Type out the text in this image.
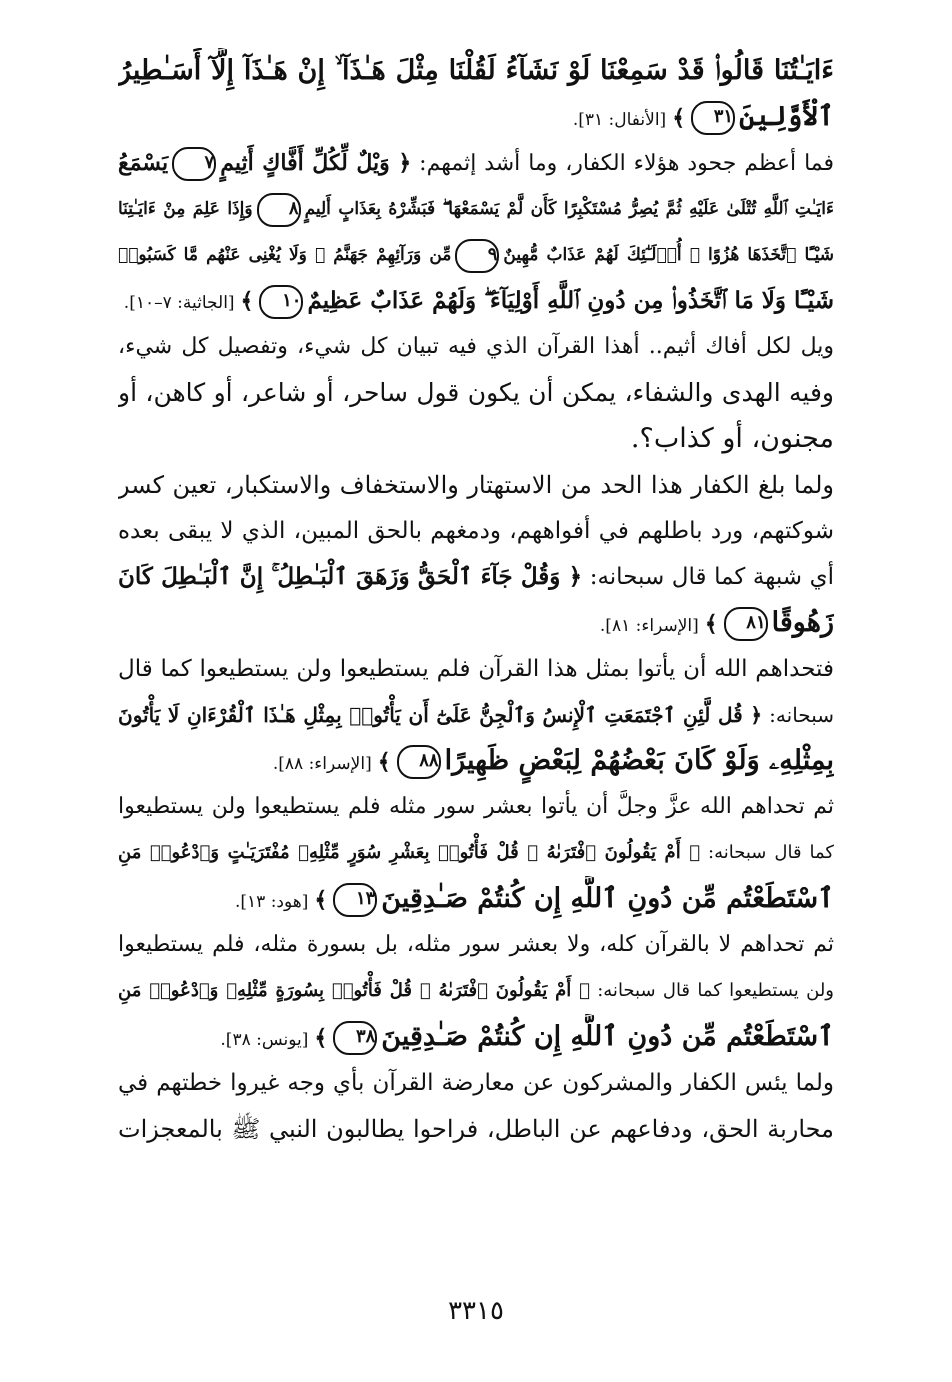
ءَايَـٰتُنَا قَالُوا۟ قَدْ سَمِعْنَا لَوْ نَشَآءُ لَقُلْنَا مِثْلَ هَـٰذَآ ۙ إِنْ هَـٰذَآ إِلَّآ أَسَـٰطِيرُ
ٱلْأَوَّلِينَ٣١﴾[الأنفال: ٣١].
فما أعظم جحود هؤلاء الكفار، وما أشد إثمهم: ﴿ وَيْلٌ لِّكُلِّ أَفَّاكٍ أَثِيمٍ٧يَسْمَعُ
ءَايَـٰتِ ٱللَّهِ تُتْلَىٰ عَلَيْهِ ثُمَّ يُصِرُّ مُسْتَكْبِرًا كَأَن لَّمْ يَسْمَعْهَا ۖ فَبَشِّرْهُ بِعَذَابٍ أَلِيمٍ٨وَإِذَا عَلِمَ مِنْ ءَايَـٰتِنَا
شَيْـًٔا ٱتَّخَذَهَا هُزُوًا ۚ أُو۟لَـٰٓئِكَ لَهُمْ عَذَابٌ مُّهِينٌ٩مِّن وَرَآئِهِمْ جَهَنَّمُ ۖ وَلَا يُغْنِى عَنْهُم مَّا كَسَبُوا۟
شَيْـًٔا وَلَا مَا ٱتَّخَذُوا۟ مِن دُونِ ٱللَّهِ أَوْلِيَآءَ ۖ وَلَهُمْ عَذَابٌ عَظِيمٌ١٠﴾[الجاثية: ٧–١٠].
ويل لكل أفاك أثيم.. أهذا القرآن الذي فيه تبيان كل شيء، وتفصيل كل شيء،
وفيه الهدى والشفاء، يمكن أن يكون قول ساحر، أو شاعر، أو كاهن، أو
مجنون، أو كذاب؟.
ولما بلغ الكفار هذا الحد من الاستهتار والاستخفاف والاستكبار، تعين كسر
شوكتهم، ورد باطلهم في أفواههم، ودمغهم بالحق المبين، الذي لا يبقى بعده
أي شبهة كما قال سبحانه: ﴿ وَقُلْ جَآءَ ٱلْحَقُّ وَزَهَقَ ٱلْبَـٰطِلُ ۚ إِنَّ ٱلْبَـٰطِلَ كَانَ
زَهُوقًا٨١﴾[الإسراء: ٨١].
فتحداهم الله أن يأتوا بمثل هذا القرآن فلم يستطيعوا ولن يستطيعوا كما قال
سبحانه: ﴿ قُل لَّئِنِ ٱجْتَمَعَتِ ٱلْإِنسُ وَٱلْجِنُّ عَلَىٰٓ أَن يَأْتُوا۟ بِمِثْلِ هَـٰذَا ٱلْقُرْءَانِ لَا يَأْتُونَ
بِمِثْلِهِۦ وَلَوْ كَانَ بَعْضُهُمْ لِبَعْضٍ ظَهِيرًا٨٨﴾[الإسراء: ٨٨].
ثم تحداهم الله عزَّ وجلَّ أن يأتوا بعشر سور مثله فلم يستطيعوا ولن يستطيعوا
كما قال سبحانه: ﴿ أَمْ يَقُولُونَ ٱفْتَرَىٰهُ ۖ قُلْ فَأْتُوا۟ بِعَشْرِ سُوَرٍ مِّثْلِهِۦ مُفْتَرَيَـٰتٍ وَٱدْعُوا۟ مَنِ
ٱسْتَطَعْتُم مِّن دُونِ ٱللَّهِ إِن كُنتُمْ صَـٰدِقِينَ١٣﴾[هود: ١٣].
ثم تحداهم لا بالقرآن كله، ولا بعشر سور مثله، بل بسورة مثله، فلم يستطيعوا
ولن يستطيعوا كما قال سبحانه: ﴿ أَمْ يَقُولُونَ ٱفْتَرَىٰهُ ۖ قُلْ فَأْتُوا۟ بِسُورَةٍ مِّثْلِهِۦ وَٱدْعُوا۟ مَنِ
ٱسْتَطَعْتُم مِّن دُونِ ٱللَّهِ إِن كُنتُمْ صَـٰدِقِينَ٣٨﴾[يونس: ٣٨].
ولما يئس الكفار والمشركون عن معارضة القرآن بأي وجه غيروا خطتهم في
محاربة الحق، ودفاعهم عن الباطل، فراحوا يطالبون النبي ﷺ بالمعجزات
٣٣١٥
